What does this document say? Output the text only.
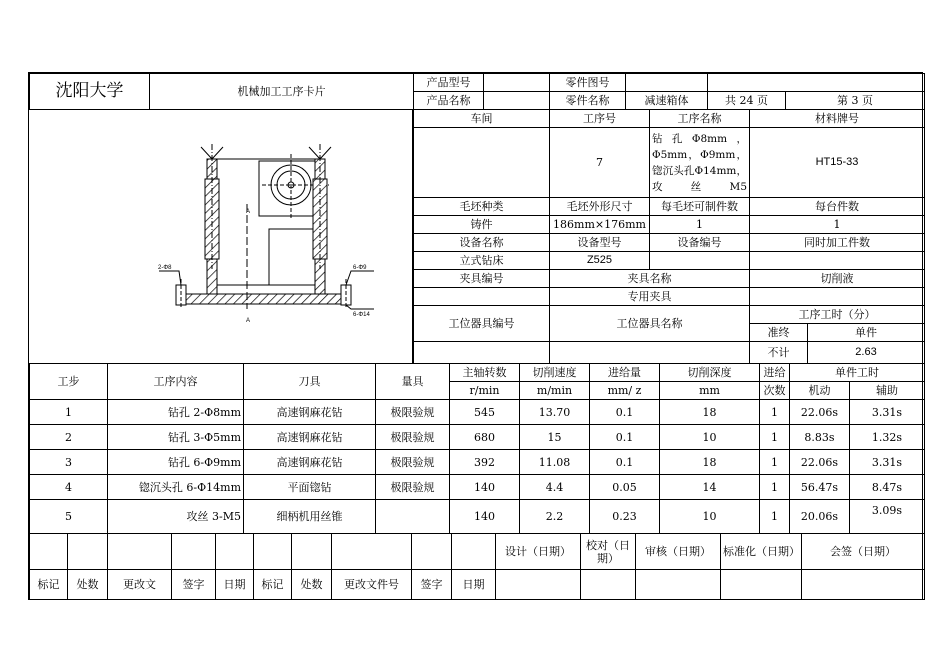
沈阳大学	机械加工工序卡片	产品型号		零件图号			
		产品名称		零件名称	减速箱体	共 24 页	第 3 页
A
A
2-Φ8	6-Φ9
6-Φ14
车间	工序号	工序名称	材料牌号	
	7	钻孔Φ8mm，Φ5mm，Φ9mm，锪沉头孔Φ14mm，攻丝M5	HT15-33	
毛坯种类	毛坯外形尺寸	每毛坯可制件数	每台件数	
铸件	186mm×176mm	1	1	
设备名称	设备型号	设备编号	同时加工件数	
立式钻床	Z525			
夹具编号	夹具名称		切削液	
	专用夹具			
工位器具编号	工位器具名称		工序工时（分）	
			准终	单件
			不计	2.63
工步	工序内容	刀具	量具	主轴转数	切削速度	进给量	切削深度	进给	单件工时	
				r/min	m/min	mm/ z	mm	次数	机动	辅助
1	钻孔 2-Φ8mm	高速钢麻花钻	极限验规	545	13.70	0.1	18	1	22.06s	3.31s
2	钻孔 3-Φ5mm	高速钢麻花钻	极限验规	680	15	0.1	10	1	8.83s	1.32s
3	钻孔 6-Φ9mm	高速钢麻花钻	极限验规	392	11.08	0.1	18	1	22.06s	3.31s
4	锪沉头孔 6-Φ14mm	平面锪钻	极限验规	140	4.4	0.05	14	1	56.47s	8.47s
5	攻丝 3-M5	细柄机用丝锥		140	2.2	0.23	10	1	20.06s	3.09s
										设计（日期）	校对（日期）	审核（日期）	标准化（日期）	会签（日期）
标记	处数	更改文	签字	日期	标记	处数	更改文件号	签字	日期					
